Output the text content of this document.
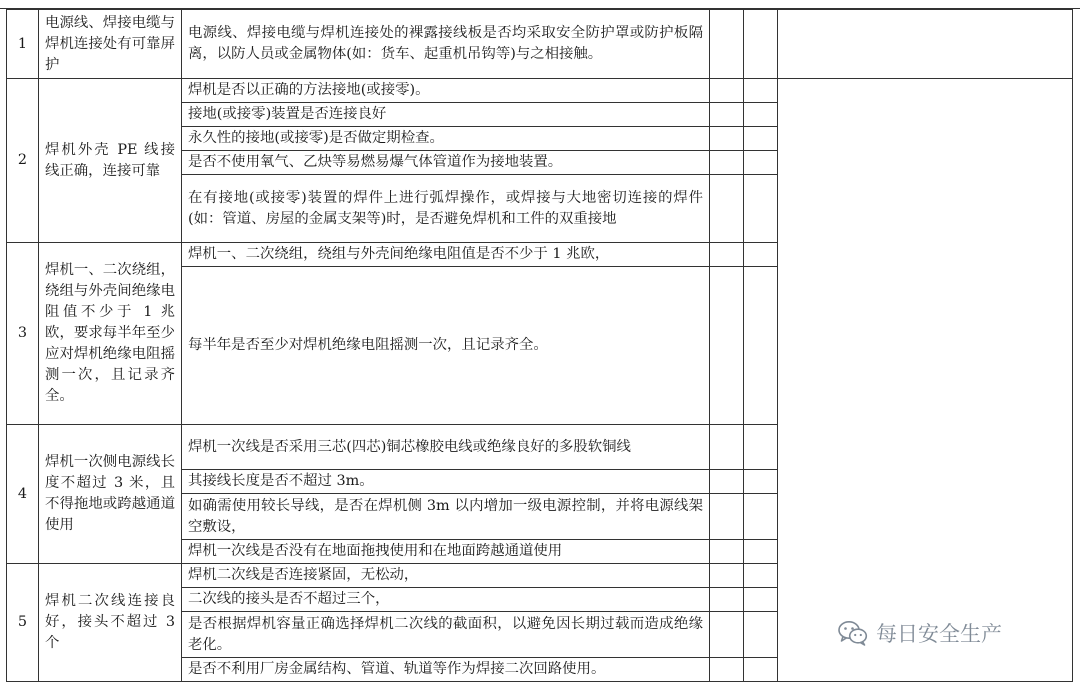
1	电源线、焊接电缆与焊机连接处有可靠屏护	电源线、焊接电缆与焊机连接处的裸露接线板是否均采取安全防护罩或防护板隔离，以防人员或金属物体(如：货车、起重机吊钩等)与之相接触。			
2	焊机外壳 PE 线接线正确，连接可靠	焊机是否以正确的方法接地(或接零)。			
		接地(或接零)装置是否连接良好			
		永久性的接地(或接零)是否做定期检查。			
		是否不使用氧气、乙炔等易燃易爆气体管道作为接地装置。			
		在有接地(或接零)装置的焊件上进行弧焊操作，或焊接与大地密切连接的焊件(如：管道、房屋的金属支架等)时，是否避免焊机和工件的双重接地			
3	焊机一、二次绕组，绕组与外壳间绝缘电阻值不少于 1 兆欧，要求每半年至少应对焊机绝缘电阻摇测一次，且记录齐全。	焊机一、二次绕组，绕组与外壳间绝缘电阻值是否不少于 1 兆欧，			
		每半年是否至少对焊机绝缘电阻摇测一次，且记录齐全。			
4	焊机一次侧电源线长度不超过 3 米，且不得拖地或跨越通道使用	焊机一次线是否采用三芯(四芯)铜芯橡胶电线或绝缘良好的多股软铜线			
		其接线长度是否不超过 3m。			
		如确需使用较长导线，是否在焊机侧 3m 以内增加一级电源控制，并将电源线架空敷设，			
		焊机一次线是否没有在地面拖拽使用和在地面跨越通道使用			
5	焊机二次线连接良好，接头不超过 3 个	焊机二次线是否连接紧固，无松动，			
		二次线的接头是否不超过三个，			
		是否根据焊机容量正确选择焊机二次线的截面积，以避免因长期过载而造成绝缘老化。			
		是否不利用厂房金属结构、管道、轨道等作为焊接二次回路使用。			
每日安全生产
